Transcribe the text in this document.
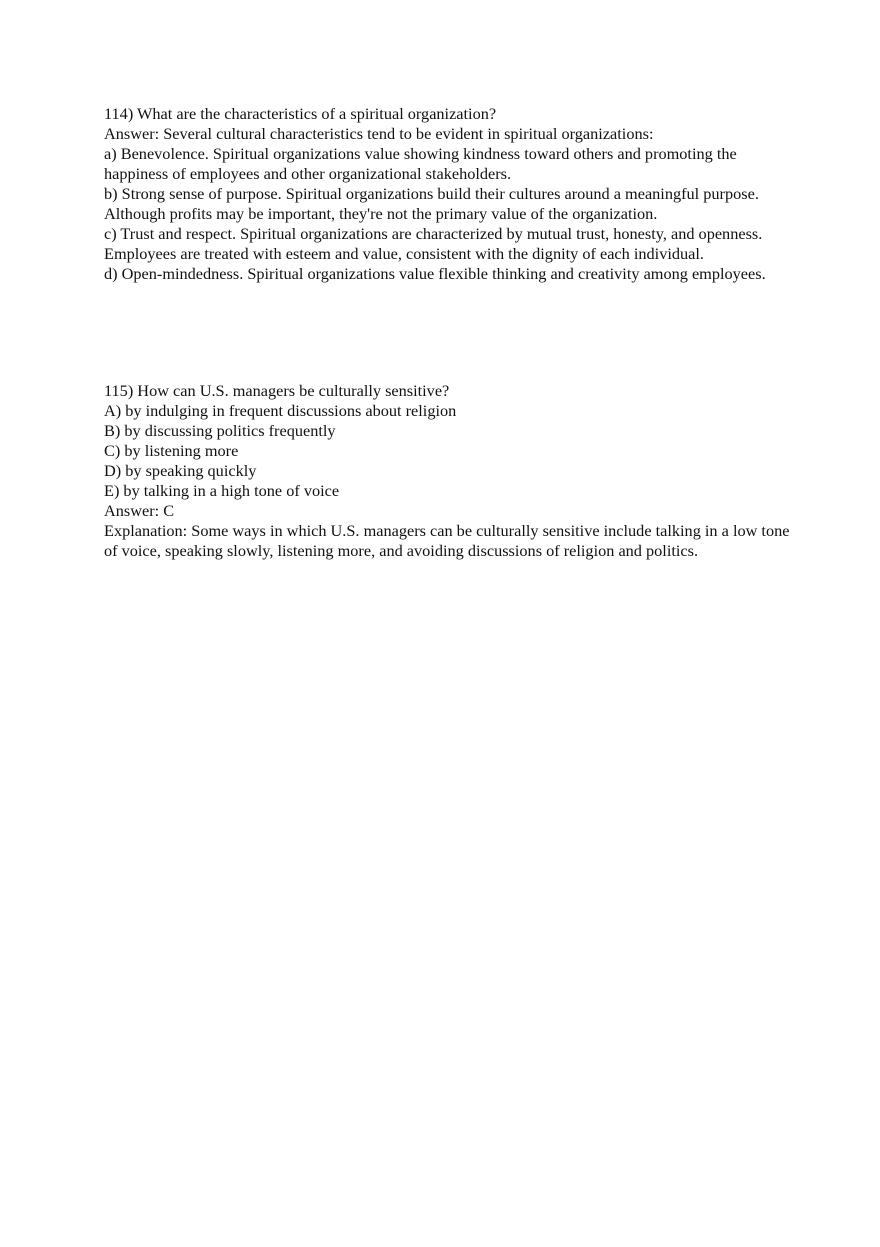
114) What are the characteristics of a spiritual organization?
Answer: Several cultural characteristics tend to be evident in spiritual organizations:
a) Benevolence. Spiritual organizations value showing kindness toward others and promoting the happiness of employees and other organizational stakeholders.
b) Strong sense of purpose. Spiritual organizations build their cultures around a meaningful purpose. Although profits may be important, they're not the primary value of the organization.
c) Trust and respect. Spiritual organizations are characterized by mutual trust, honesty, and openness. Employees are treated with esteem and value, consistent with the dignity of each individual.
d) Open-mindedness. Spiritual organizations value flexible thinking and creativity among employees.
115) How can U.S. managers be culturally sensitive?
A) by indulging in frequent discussions about religion
B) by discussing politics frequently
C) by listening more
D) by speaking quickly
E) by talking in a high tone of voice
Answer: C
Explanation: Some ways in which U.S. managers can be culturally sensitive include talking in a low tone of voice, speaking slowly, listening more, and avoiding discussions of religion and politics.
